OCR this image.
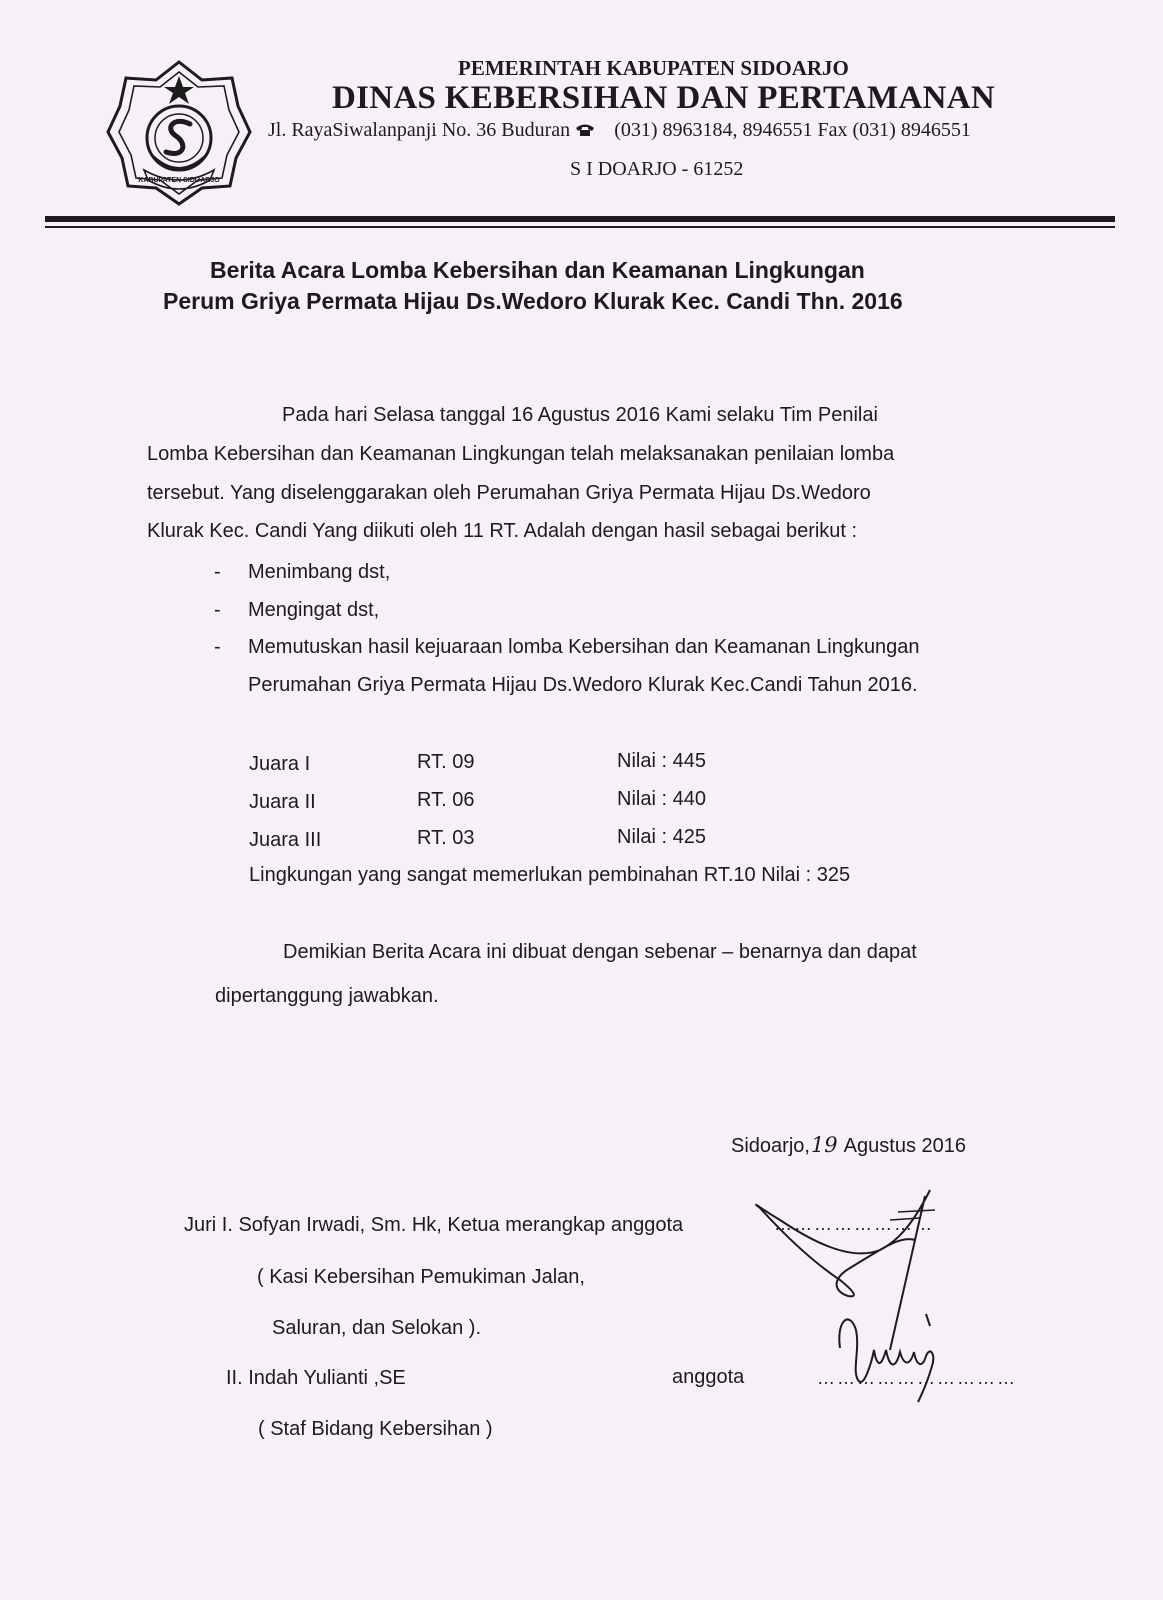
KABUPATEN SIDOARJO
PEMERINTAH KABUPATEN SIDOARJO
DINAS KEBERSIHAN DAN PERTAMANAN
Jl. RayaSiwalanpanji No. 36 Buduran (031) 8963184, 8946551 Fax (031) 8946551
S I DOARJO - 61252
Berita Acara Lomba Kebersihan dan Keamanan Lingkungan
Perum Griya Permata Hijau Ds.Wedoro Klurak Kec. Candi Thn. 2016
Pada hari Selasa tanggal 16 Agustus 2016 Kami selaku Tim Penilai
Lomba Kebersihan dan Keamanan Lingkungan telah melaksanakan penilaian lomba
tersebut. Yang diselenggarakan oleh Perumahan Griya Permata Hijau Ds.Wedoro
Klurak Kec. Candi Yang diikuti oleh 11 RT. Adalah dengan hasil sebagai berikut :
- Menimbang dst,
- Mengingat dst,
- Memutuskan hasil kejuaraan lomba Kebersihan dan Keamanan Lingkungan
Perumahan Griya Permata Hijau Ds.Wedoro Klurak Kec.Candi Tahun 2016.
Juara I	RT. 09	Nilai : 445
Juara II	RT. 06	Nilai : 440
Juara III	RT. 03	Nilai : 425
Lingkungan yang sangat memerlukan pembinahan RT.10 Nilai : 325
Demikian Berita Acara ini dibuat dengan sebenar – benarnya dan dapat
dipertanggung jawabkan.
Sidoarjo,19 Agustus 2016
Juri I. Sofyan Irwadi, Sm. Hk, Ketua merangkap anggota	……………………
( Kasi Kebersihan Pemukiman Jalan,
Saluran, dan Selokan ).
II. Indah Yulianti ,SE	anggota	…………………………
( Staf Bidang Kebersihan )
